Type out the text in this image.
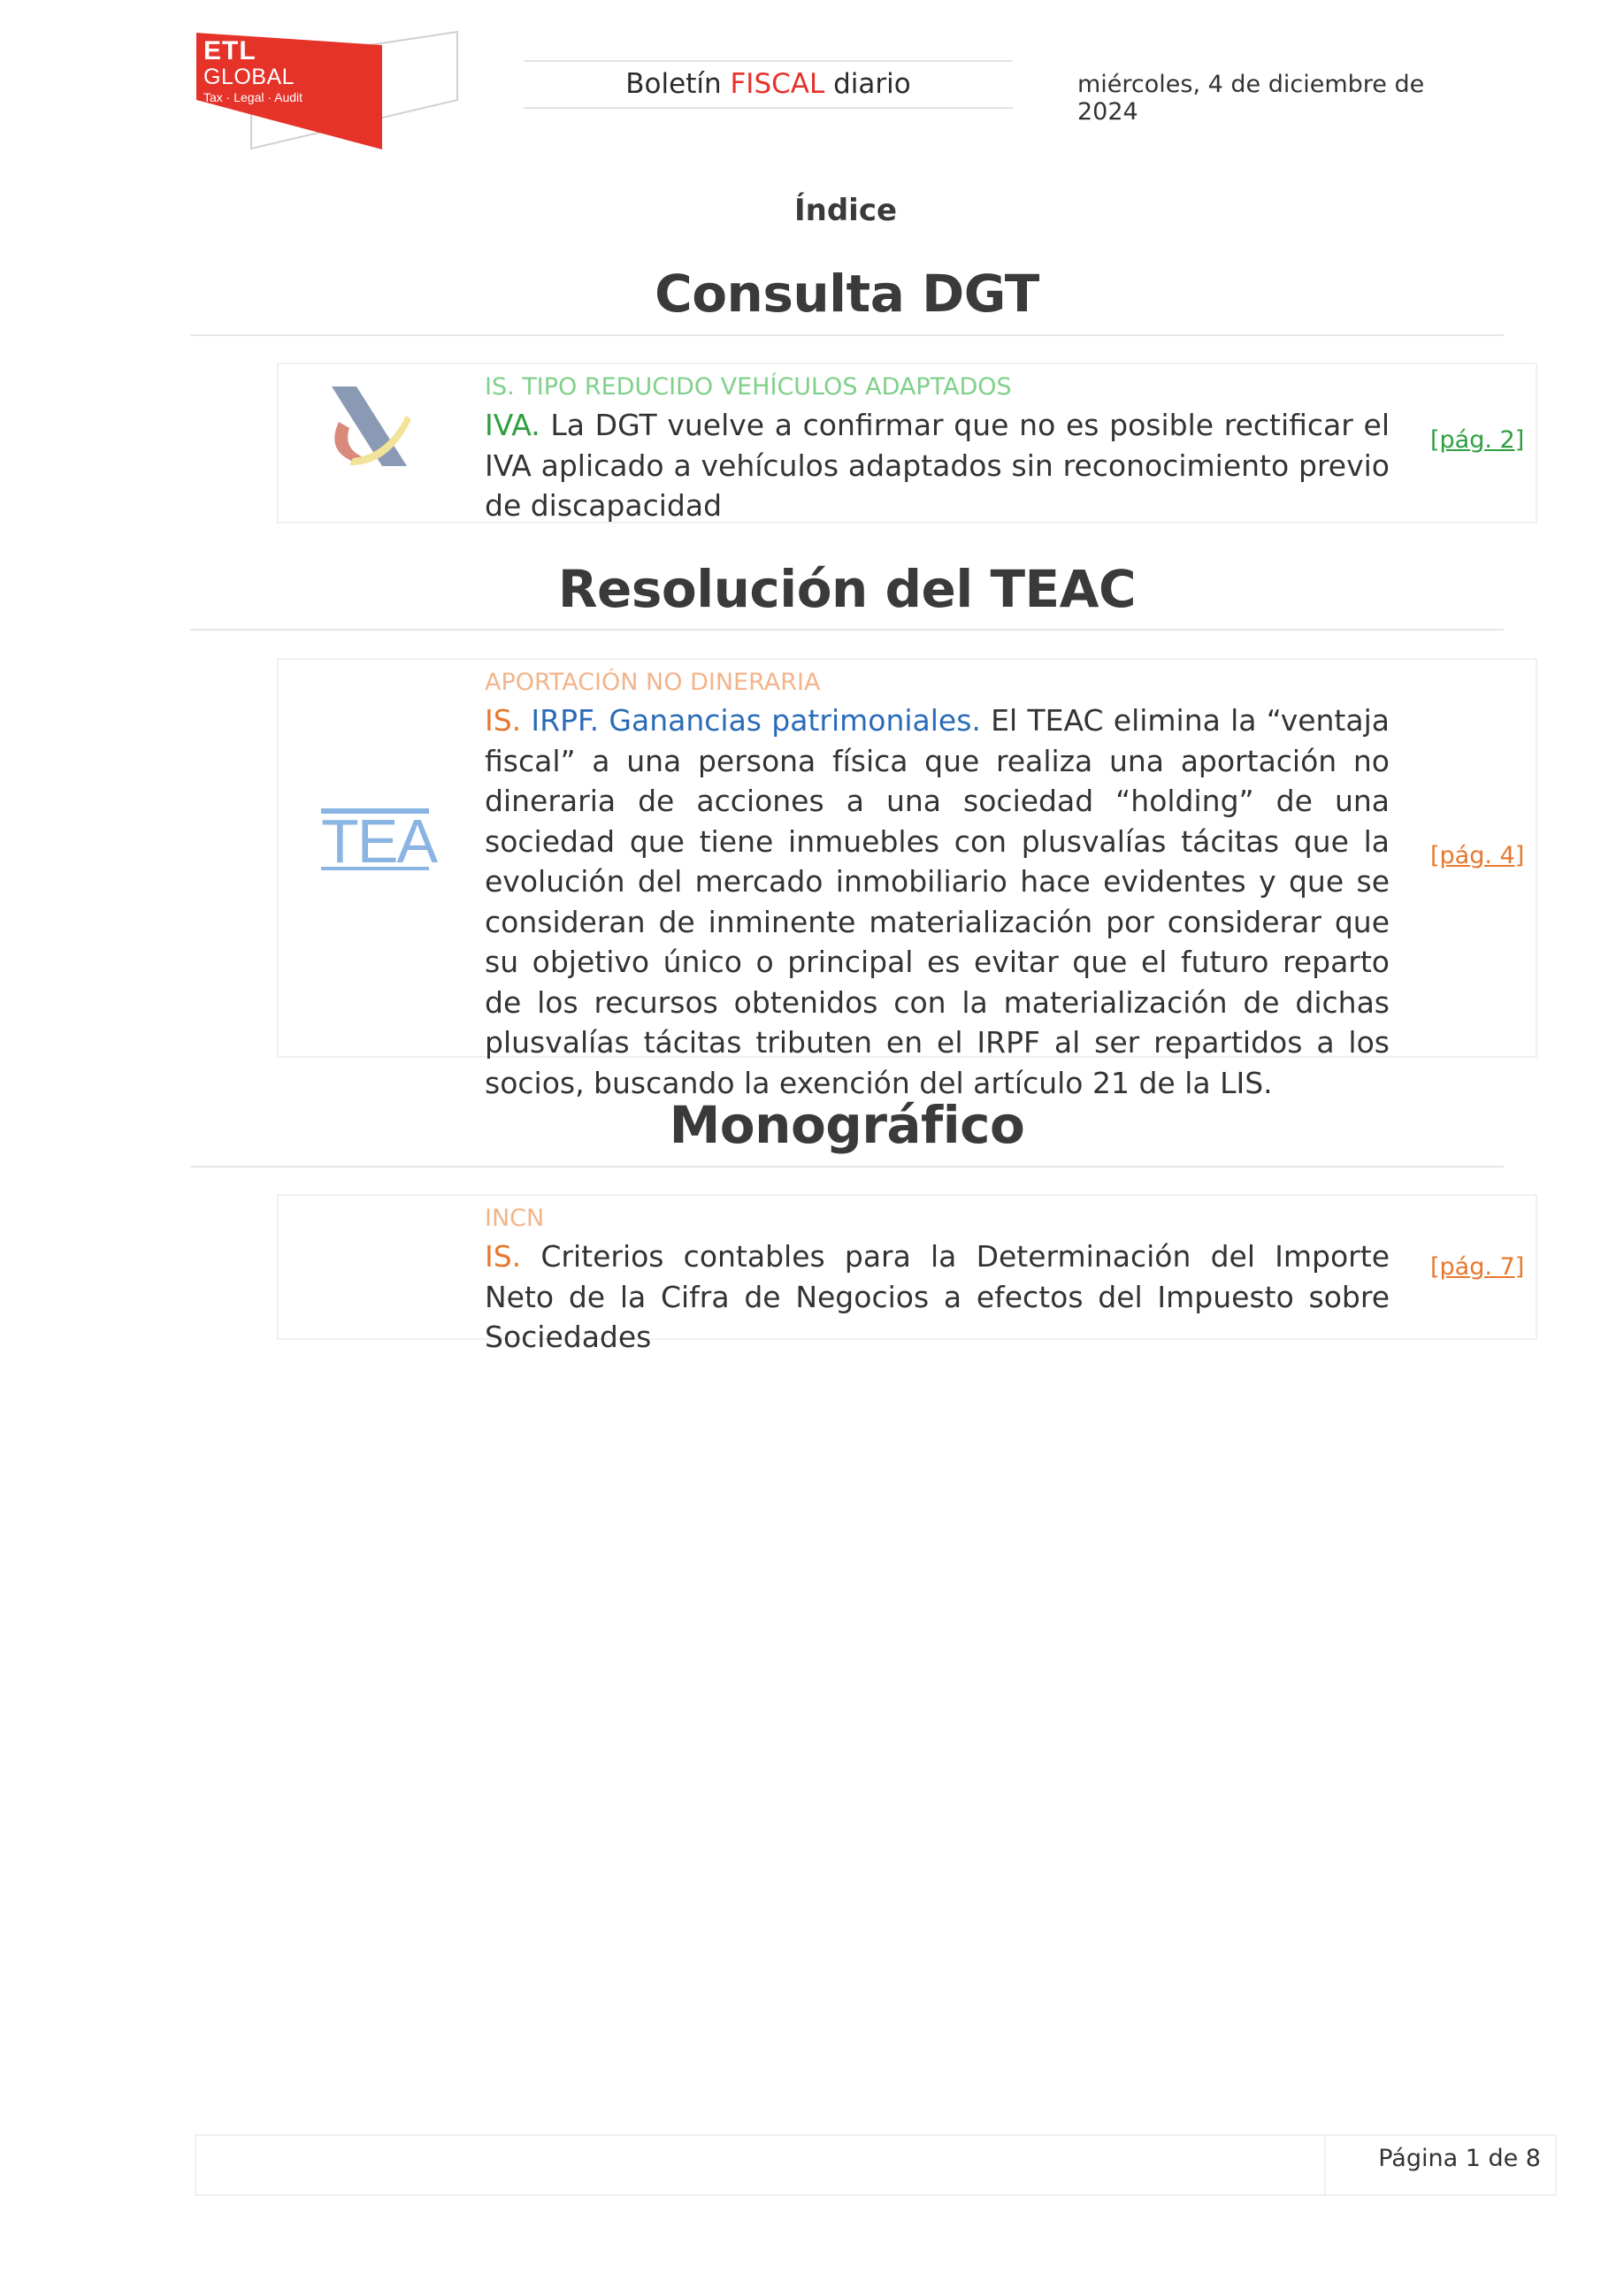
ETL
GLOBAL
Tax · Legal · Audit	Boletín FISCAL diario	miércoles, 4 de diciembre de 2024
Índice
Consulta DGT
IS. TIPO REDUCIDO VEHÍCULOS ADAPTADOS
IVA. La DGT vuelve a confirmar que no es posible rectificar el IVA aplicado a vehículos adaptados sin reconocimiento previo de discapacidad
[pág. 2]
Resolución del TEAC
TEA
APORTACIÓN NO DINERARIA
IS. IRPF. Ganancias patrimoniales. El TEAC elimina la “ventaja fiscal” a una persona física que realiza una aportación no dineraria de acciones a una sociedad “holding” de una sociedad que tiene inmuebles con plusvalías tácitas que la evolución del mercado inmobiliario hace evidentes y que se consideran de inminente materialización por considerar que su objetivo único o principal es evitar que el futuro reparto de los recursos obtenidos con la materialización de dichas plusvalías tácitas tributen en el IRPF al ser repartidos a los socios, buscando la exención del artículo 21 de la LIS.
[pág. 4]
Monográfico
INCN
IS. Criterios contables para la Determinación del Importe Neto de la Cifra de Negocios a efectos del Impuesto sobre Sociedades
[pág. 7]
Página 1 de 8
